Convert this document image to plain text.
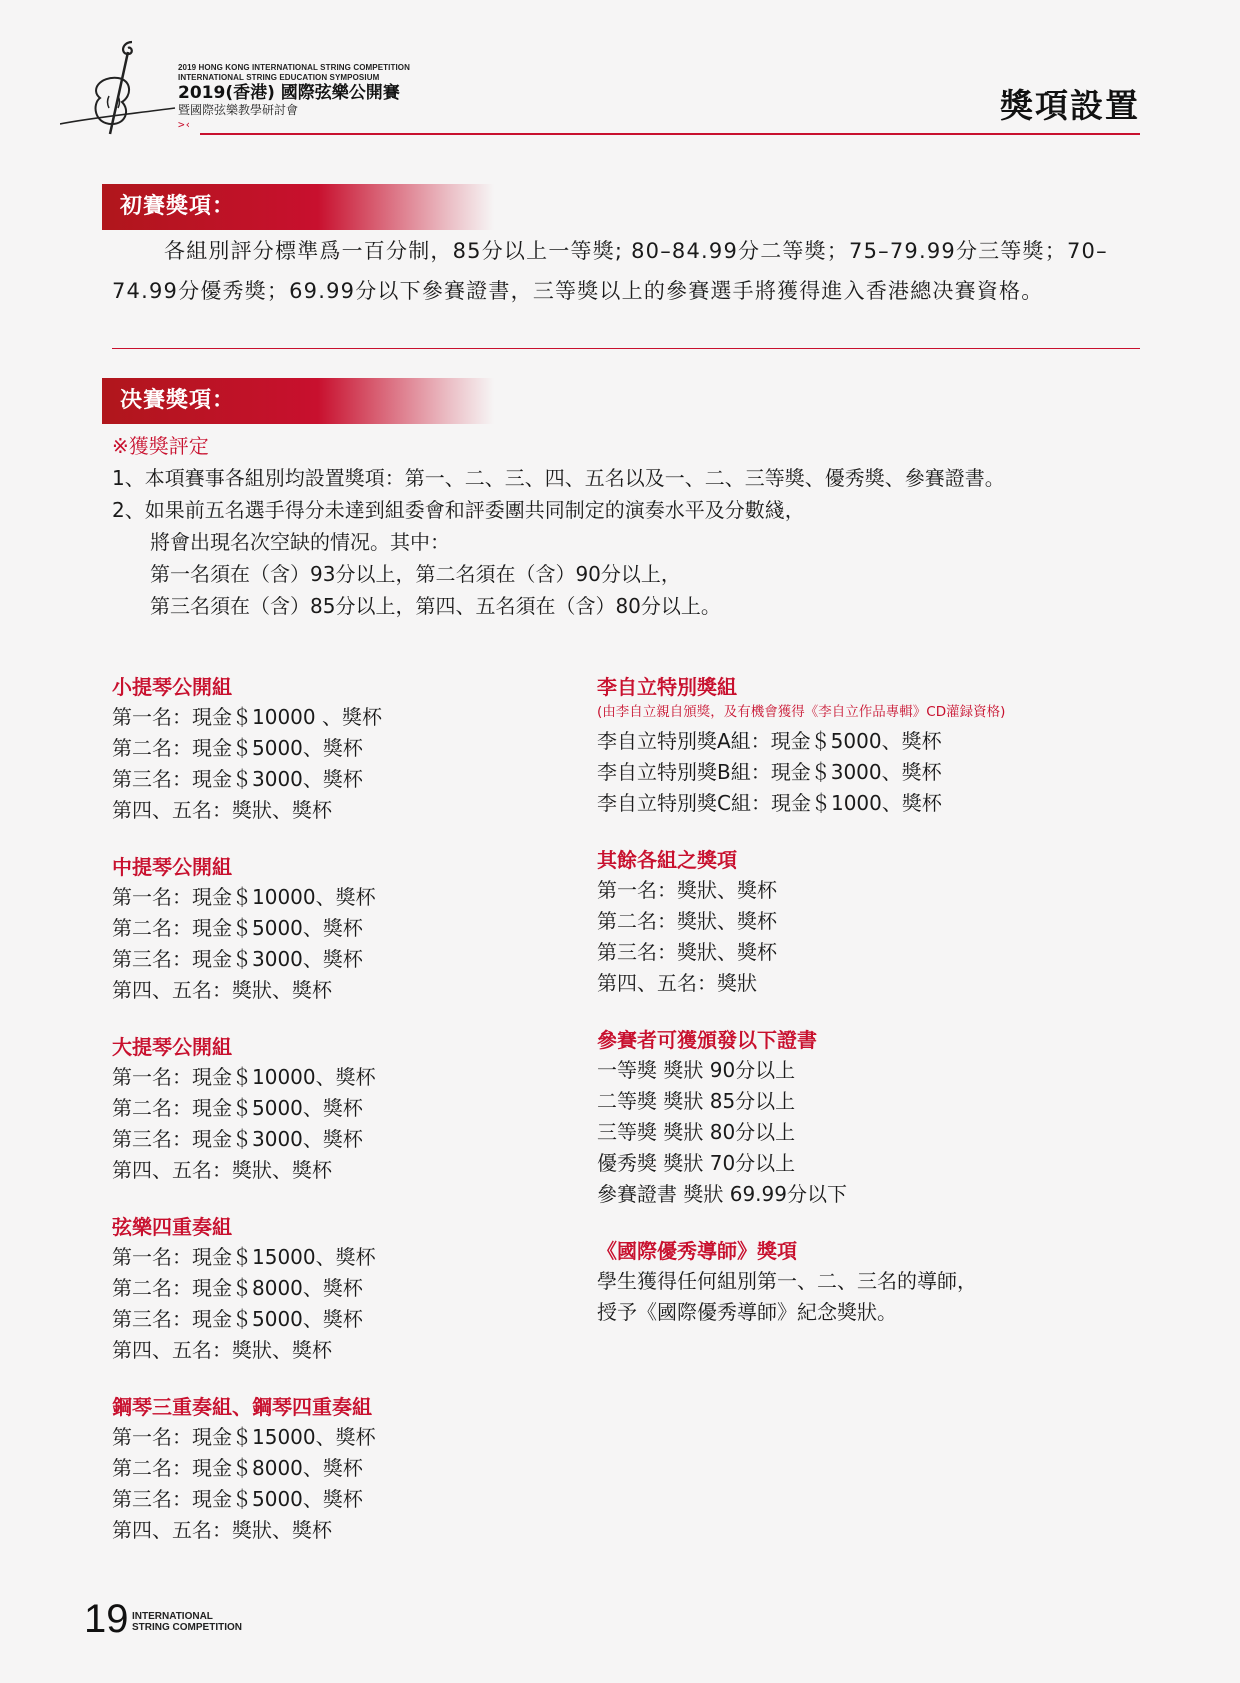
2019 HONG KONG INTERNATIONAL STRING COMPETITION
INTERNATIONAL STRING EDUCATION SYMPOSIUM
2019(香港) 國際弦樂公開賽
暨國際弦樂教學研討會
>‹	獎項設置
初賽獎項：
各組別評分標準爲一百分制，85分以上一等獎; 80–84.99分二等獎；75–79.99分三等獎；70–74.99分優秀獎；69.99分以下參賽證書，三等獎以上的參賽選手將獲得進入香港總决賽資格。
决賽獎項：
※獲獎評定
1、本項賽事各組別均設置獎項：第一、二、三、四、五名以及一、二、三等獎、優秀獎、參賽證書。
2、如果前五名選手得分未達到組委會和評委團共同制定的演奏水平及分數綫，
將會出現名次空缺的情况。其中：
第一名須在（含）93分以上，第二名須在（含）90分以上，
第三名須在（含）85分以上，第四、五名須在（含）80分以上。
小提琴公開組
第一名：現金＄10000 、獎杯
第二名：現金＄5000、獎杯
第三名：現金＄3000、獎杯
第四、五名：獎狀、獎杯
中提琴公開組
第一名：現金＄10000、獎杯
第二名：現金＄5000、獎杯
第三名：現金＄3000、獎杯
第四、五名：獎狀、獎杯
大提琴公開組
第一名：現金＄10000、獎杯
第二名：現金＄5000、獎杯
第三名：現金＄3000、獎杯
第四、五名：獎狀、獎杯
弦樂四重奏組
第一名：現金＄15000、獎杯
第二名：現金＄8000、獎杯
第三名：現金＄5000、獎杯
第四、五名：獎狀、獎杯
鋼琴三重奏組、鋼琴四重奏組
第一名：現金＄15000、獎杯
第二名：現金＄8000、獎杯
第三名：現金＄5000、獎杯
第四、五名：獎狀、獎杯
李自立特別獎組
(由李自立親自頒獎，及有機會獲得《李自立作品專輯》CD灌録資格)
李自立特別獎A組：現金＄5000、獎杯
李自立特別獎B組：現金＄3000、獎杯
李自立特別獎C組：現金＄1000、獎杯
其餘各組之獎項
第一名：獎狀、獎杯
第二名：獎狀、獎杯
第三名：獎狀、獎杯
第四、五名：獎狀
參賽者可獲頒發以下證書
一等獎 獎狀 90分以上
二等獎 獎狀 85分以上
三等獎 獎狀 80分以上
優秀獎 獎狀 70分以上
參賽證書 獎狀 69.99分以下
《國際優秀導師》獎項
學生獲得任何組別第一、二、三名的導師，
授予《國際優秀導師》紀念獎狀。
19 INTERNATIONAL
STRING COMPETITION
